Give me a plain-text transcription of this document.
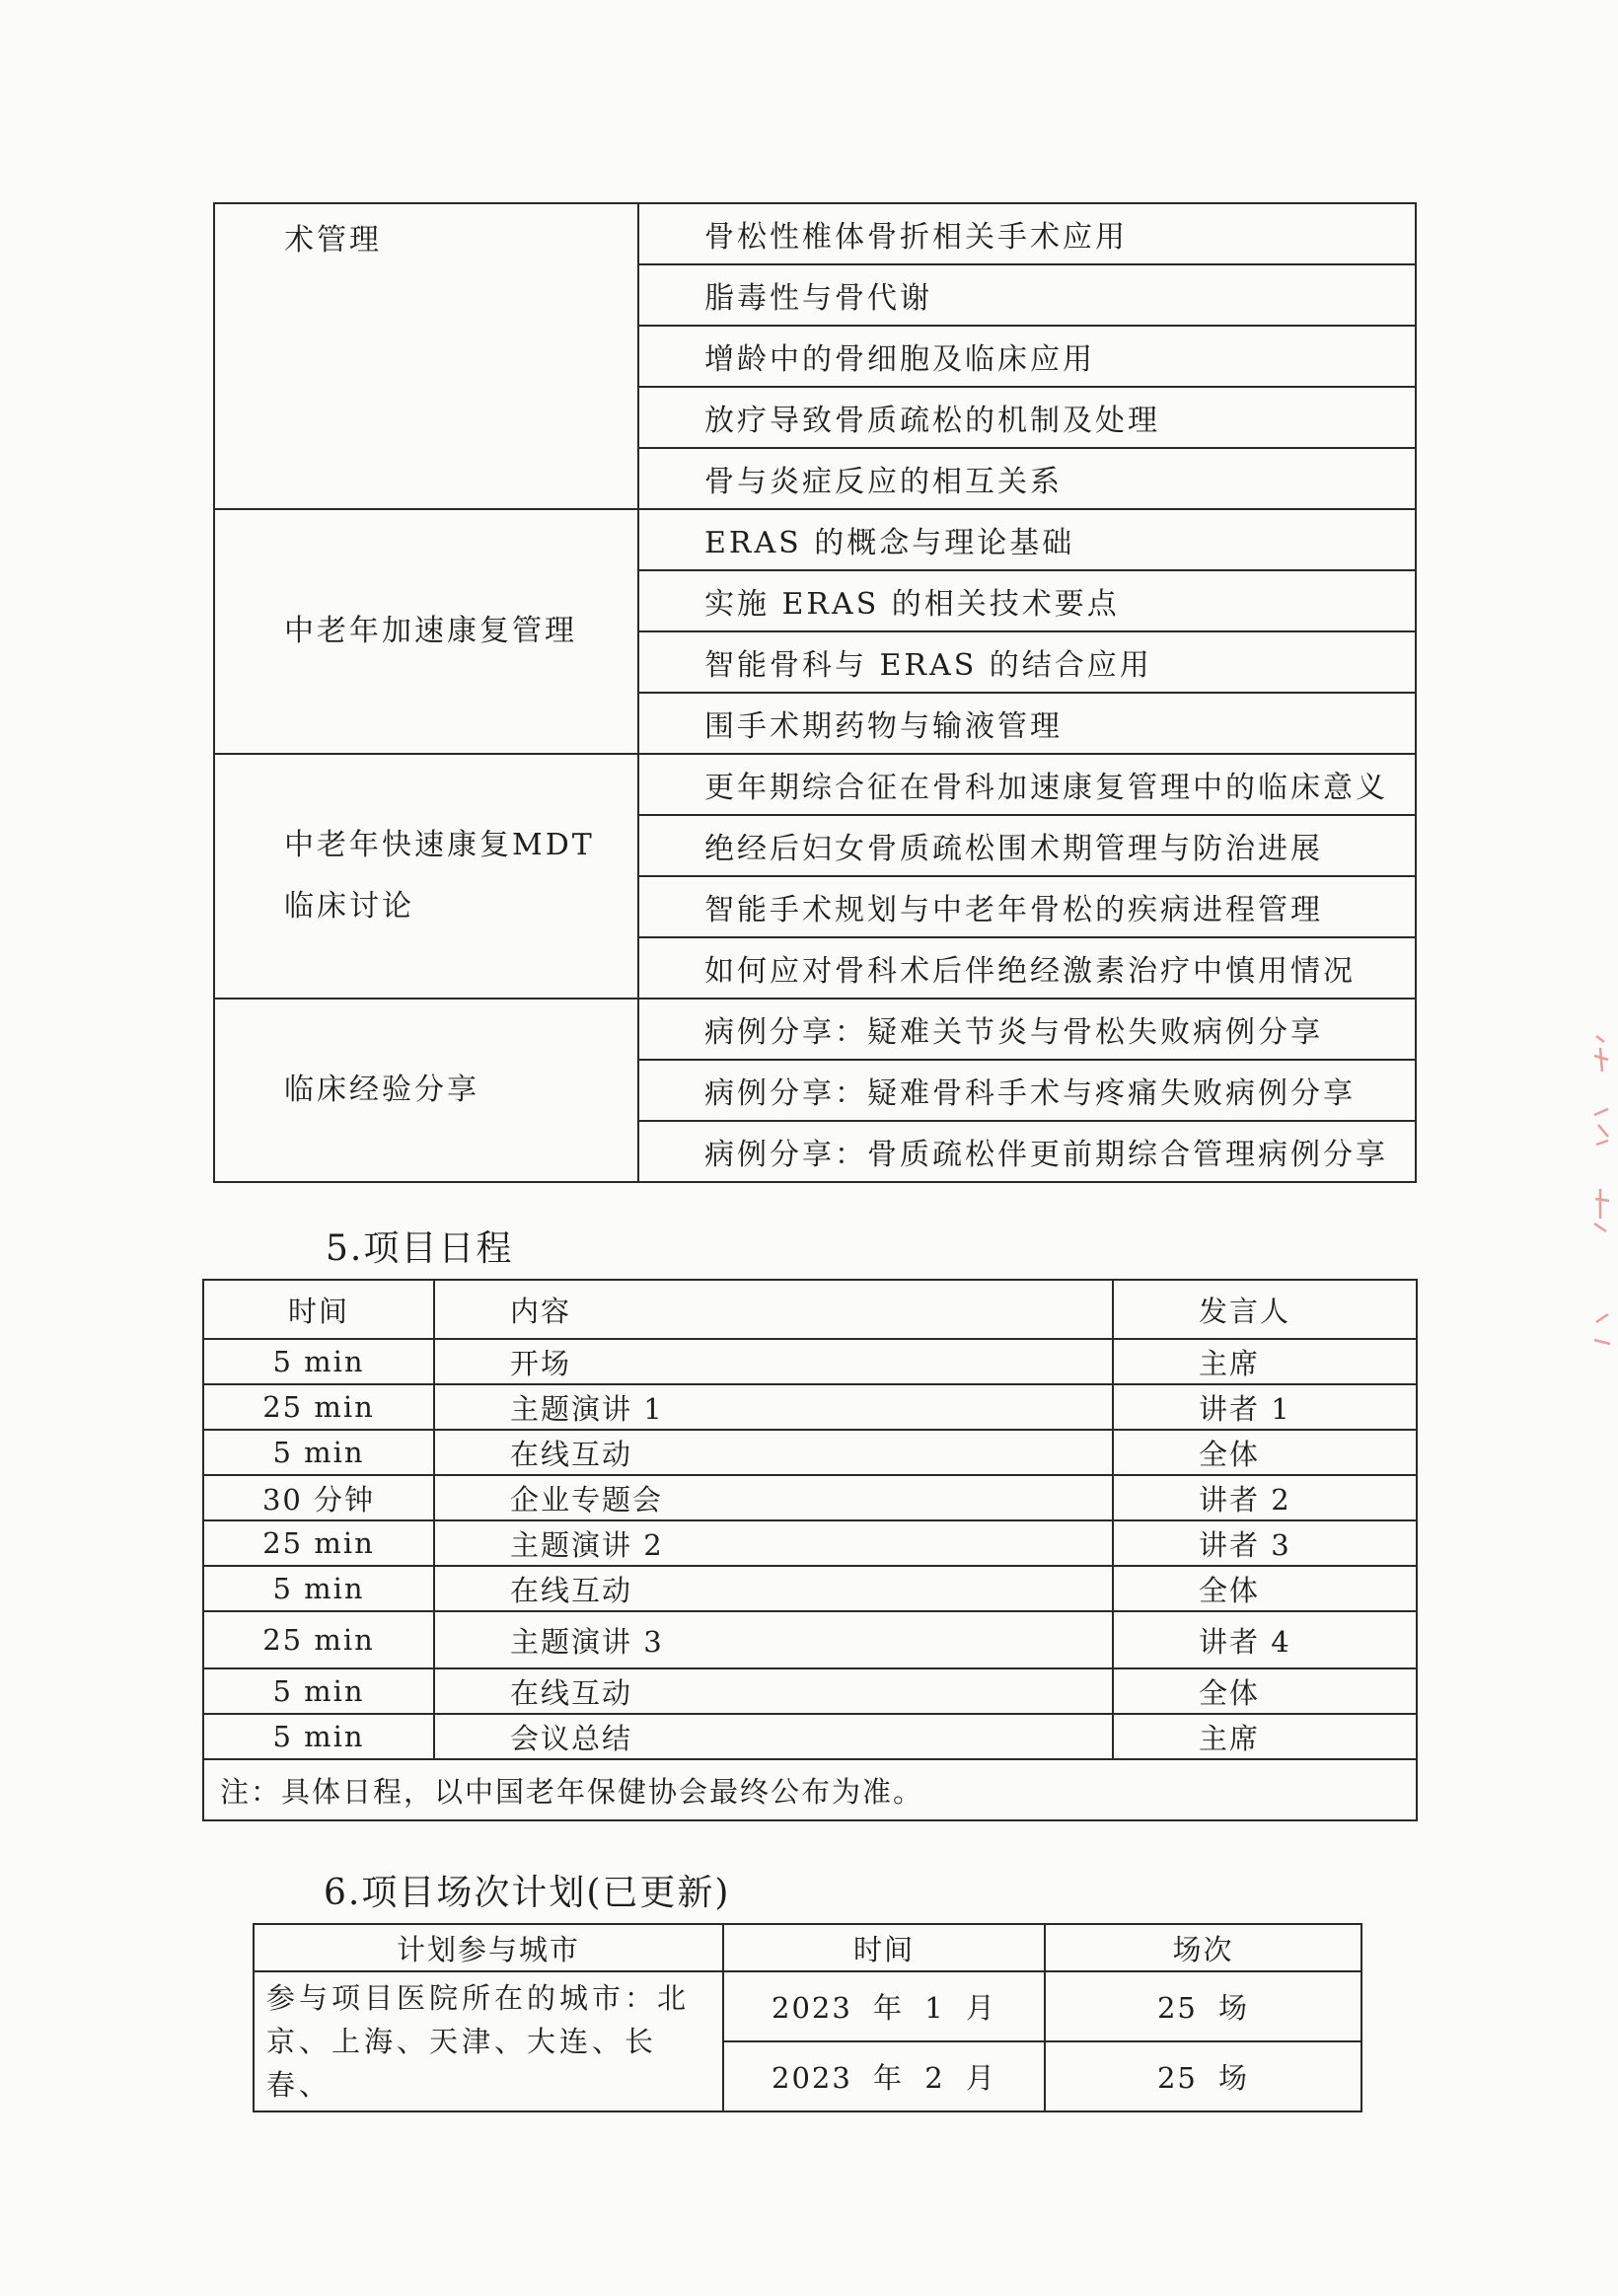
术管理	骨松性椎体骨折相关手术应用
	脂毒性与骨代谢
	增龄中的骨细胞及临床应用
	放疗导致骨质疏松的机制及处理
	骨与炎症反应的相互关系
中老年加速康复管理	ERAS 的概念与理论基础
	实施 ERAS 的相关技术要点
	智能骨科与 ERAS 的结合应用
	围手术期药物与输液管理
中老年快速康复MDT 临床讨论	更年期综合征在骨科加速康复管理中的临床意义
	绝经后妇女骨质疏松围术期管理与防治进展
	智能手术规划与中老年骨松的疾病进程管理
	如何应对骨科术后伴绝经激素治疗中慎用情况
临床经验分享	病例分享：疑难关节炎与骨松失败病例分享
	病例分享：疑难骨科手术与疼痛失败病例分享
	病例分享：骨质疏松伴更前期综合管理病例分享
5.项目日程
时间	内容	发言人
5 min	开场	主席
25 min	主题演讲 1	讲者 1
5 min	在线互动	全体
30 分钟	企业专题会	讲者 2
25 min	主题演讲 2	讲者 3
5 min	在线互动	全体
25 min	主题演讲 3	讲者 4
5 min	在线互动	全体
5 min	会议总结	主席
注：具体日程，以中国老年保健协会最终公布为准。		
6.项目场次计划(已更新)
计划参与城市	时间	场次
参与项目医院所在的城市：北京、上海、天津、大连、长春、	2023 年 1 月	25 场
	2023 年 2 月	25 场
